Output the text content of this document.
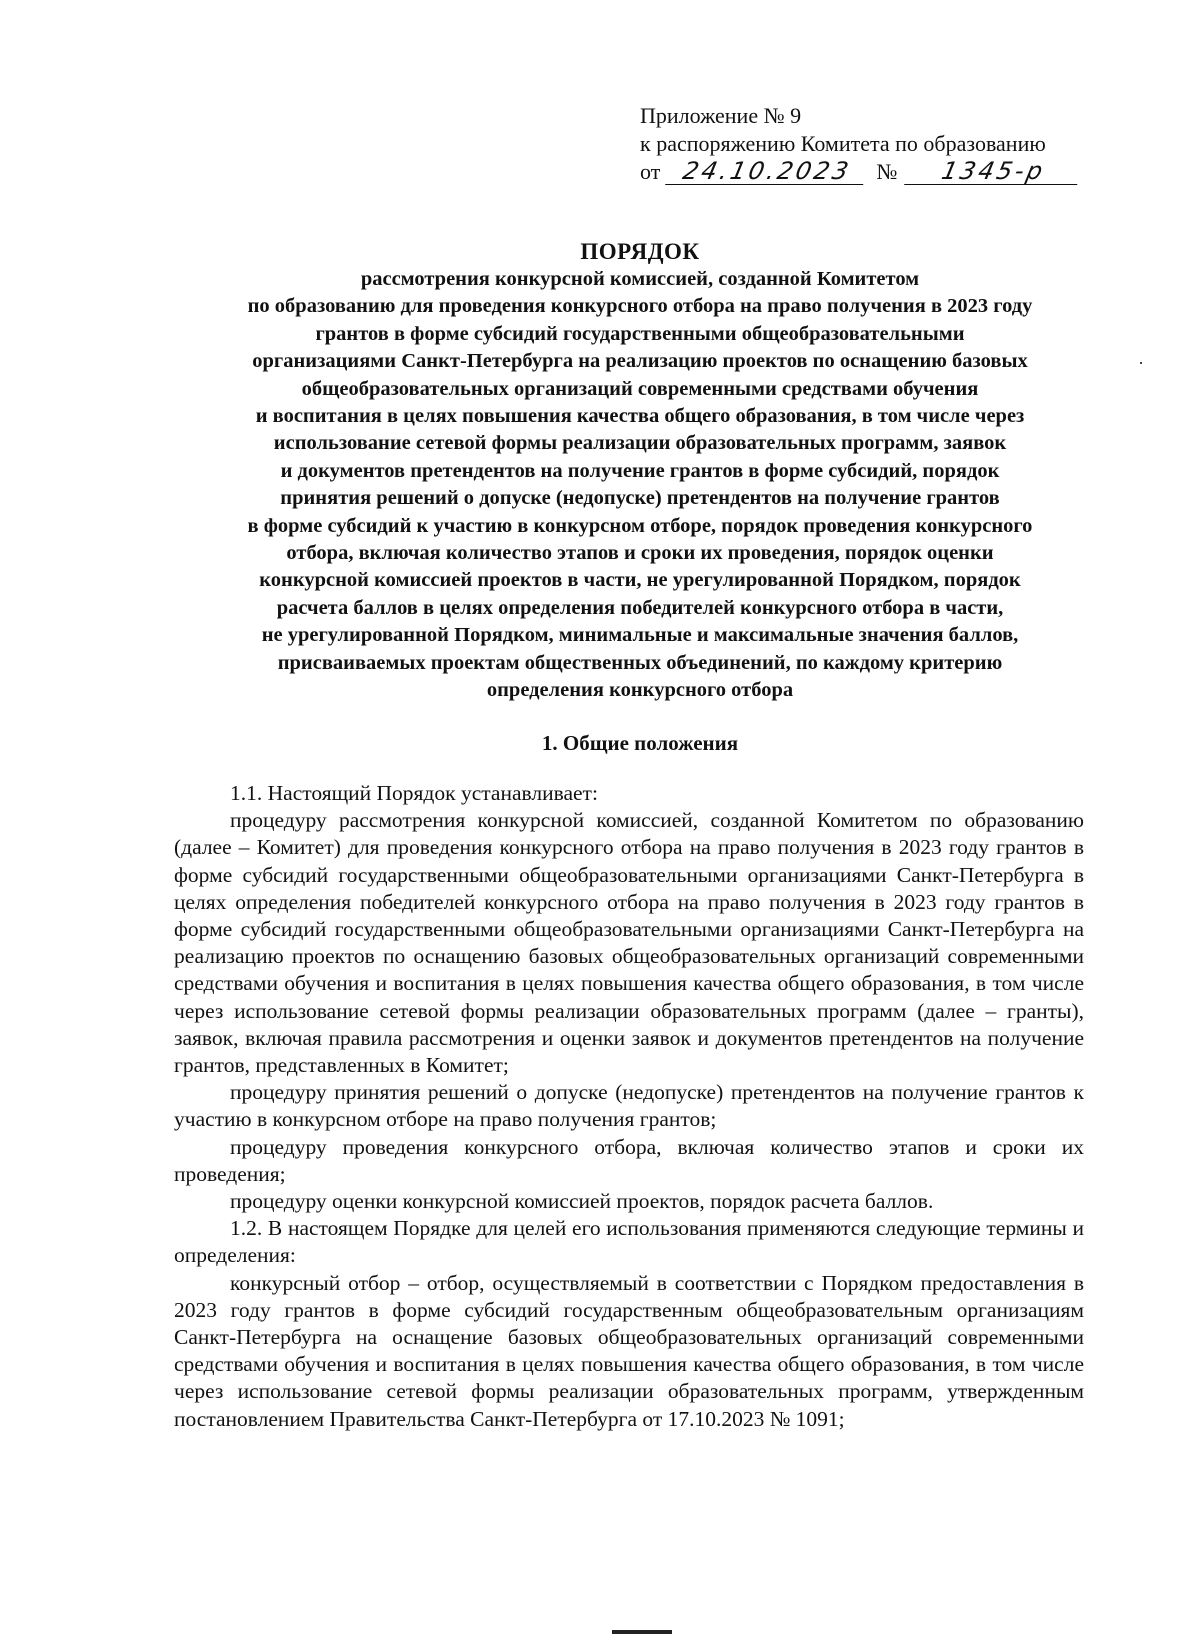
Приложение № 9
к распоряжению Комитета по образованию
от 24.10.2023	№	1345-р
ПОРЯДОК
рассмотрения конкурсной комиссией, созданной Комитетом
по образованию для проведения конкурсного отбора на право получения в 2023 году
грантов в форме субсидий государственными общеобразовательными
организациями Санкт-Петербурга на реализацию проектов по оснащению базовых
общеобразовательных организаций современными средствами обучения
и воспитания в целях повышения качества общего образования, в том числе через
использование сетевой формы реализации образовательных программ, заявок
и документов претендентов на получение грантов в форме субсидий, порядок
принятия решений о допуске (недопуске) претендентов на получение грантов
в форме субсидий к участию в конкурсном отборе, порядок проведения конкурсного
отбора, включая количество этапов и сроки их проведения, порядок оценки
конкурсной комиссией проектов в части, не урегулированной Порядком, порядок
расчета баллов в целях определения победителей конкурсного отбора в части,
не урегулированной Порядком, минимальные и максимальные значения баллов,
присваиваемых проектам общественных объединений, по каждому критерию
определения конкурсного отбора
1. Общие положения

1.1. Настоящий Порядок устанавливает:

процедуру рассмотрения конкурсной комиссией, созданной Комитетом по образованию (далее – Комитет) для проведения конкурсного отбора на право получения в 2023 году грантов в форме субсидий государственными общеобразовательными организациями Санкт-Петербурга в целях определения победителей конкурсного отбора на право получения в 2023 году грантов в форме субсидий государственными общеобразовательными организациями Санкт-Петербурга на реализацию проектов по оснащению базовых общеобразовательных организаций современными средствами обучения и воспитания в целях повышения качества общего образования, в том числе через использование сетевой формы реализации образовательных программ (далее – гранты), заявок, включая правила рассмотрения и оценки заявок и документов претендентов на получение грантов, представленных в Комитет;

процедуру принятия решений о допуске (недопуске) претендентов на получение грантов к участию в конкурсном отборе на право получения грантов;

процедуру проведения конкурсного отбора, включая количество этапов и сроки их проведения;

процедуру оценки конкурсной комиссией проектов, порядок расчета баллов.

1.2. В настоящем Порядке для целей его использования применяются следующие термины и определения:

конкурсный отбор – отбор, осуществляемый в соответствии с Порядком предоставления в 2023 году грантов в форме субсидий государственным общеобразовательным организациям Санкт-Петербурга на оснащение базовых общеобразовательных организаций современными средствами обучения и воспитания в целях повышения качества общего образования, в том числе через использование сетевой формы реализации образовательных программ, утвержденным постановлением Правительства Санкт-Петербурга от 17.10.2023 № 1091;
